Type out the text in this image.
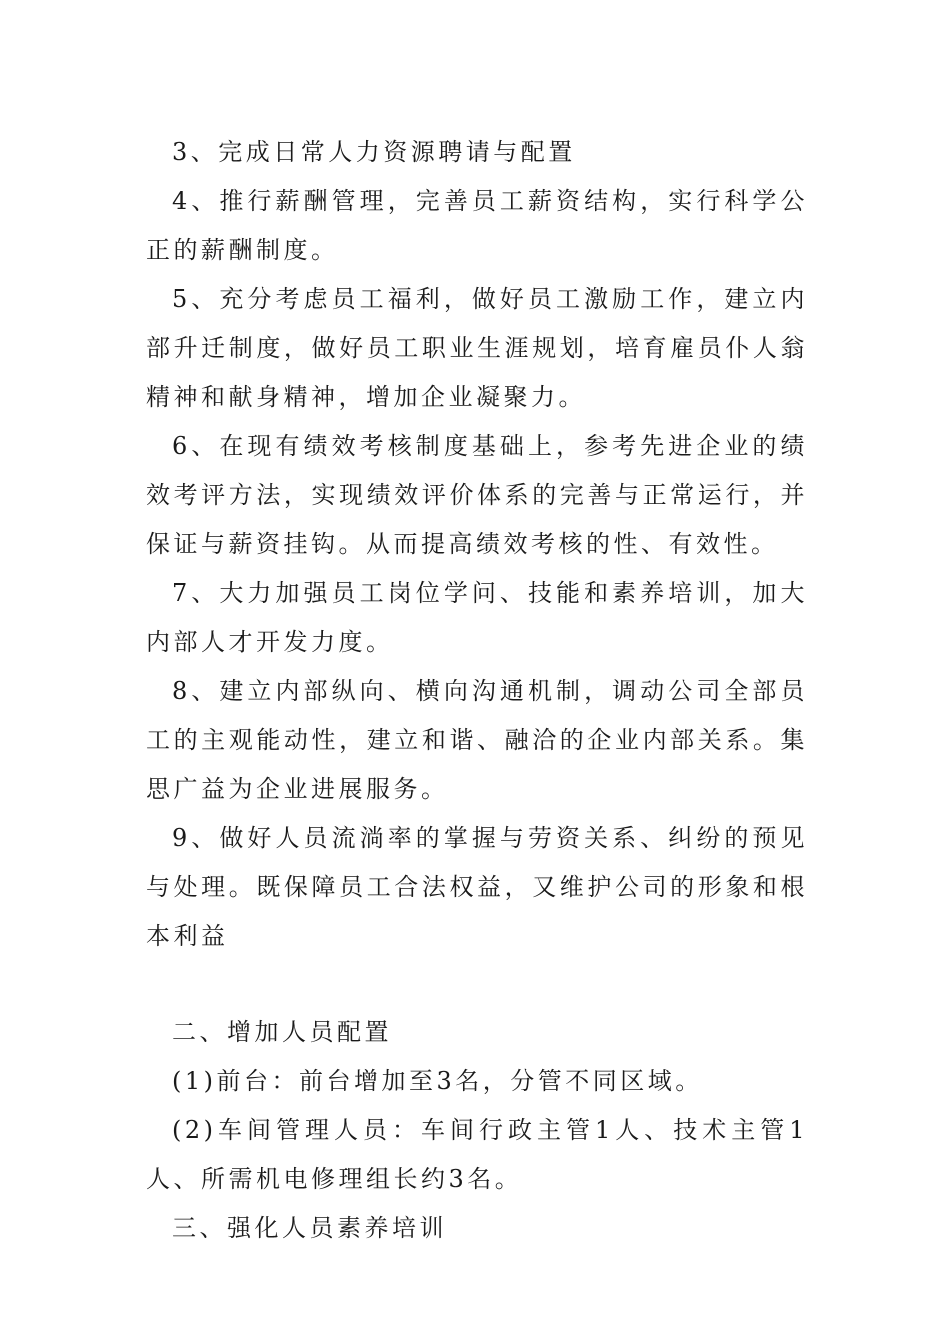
3、完成日常人力资源聘请与配置

4、推行薪酬管理，完善员工薪资结构，实行科学公正的薪酬制度。

5、充分考虑员工福利，做好员工激励工作，建立内部升迁制度，做好员工职业生涯规划，培育雇员仆人翁精神和献身精神，增加企业凝聚力。

6、在现有绩效考核制度基础上，参考先进企业的绩效考评方法，实现绩效评价体系的完善与正常运行，并保证与薪资挂钩。从而提高绩效考核的性、有效性。

7、大力加强员工岗位学问、技能和素养培训，加大内部人才开发力度。

8、建立内部纵向、横向沟通机制，调动公司全部员工的主观能动性，建立和谐、融洽的企业内部关系。集思广益为企业进展服务。

9、做好人员流淌率的掌握与劳资关系、纠纷的预见与处理。既保障员工合法权益，又维护公司的形象和根本利益

二、增加人员配置

(1)前台：前台增加至3名，分管不同区域。

(2)车间管理人员：车间行政主管1人、技术主管1人、所需机电修理组长约3名。

三、强化人员素养培训
